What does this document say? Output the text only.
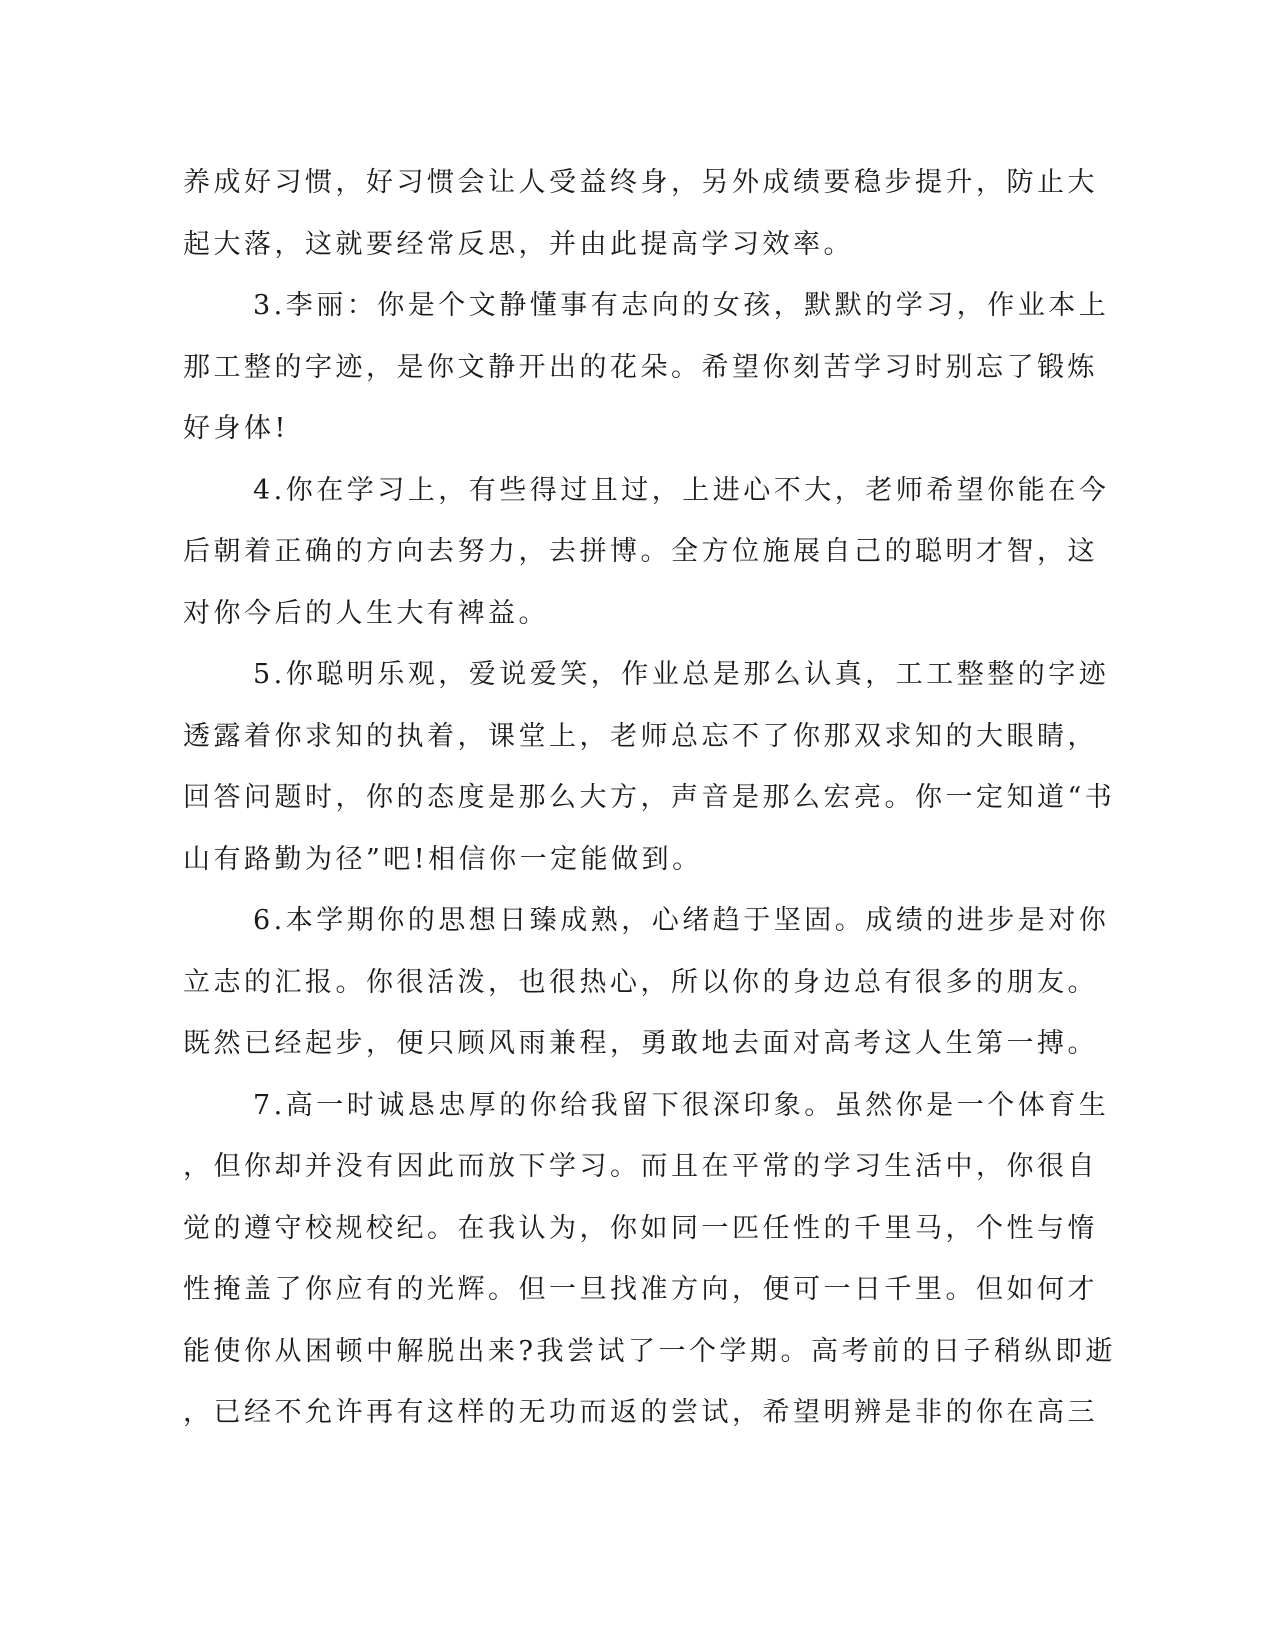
养成好习惯，好习惯会让人受益终身，另外成绩要稳步提升，防止大
起大落，这就要经常反思，并由此提高学习效率。
3.李丽：你是个文静懂事有志向的女孩，默默的学习，作业本上
那工整的字迹，是你文静开出的花朵。希望你刻苦学习时别忘了锻炼
好身体!
4.你在学习上，有些得过且过，上进心不大，老师希望你能在今
后朝着正确的方向去努力，去拼博。全方位施展自己的聪明才智，这
对你今后的人生大有裨益。
5.你聪明乐观，爱说爱笑，作业总是那么认真，工工整整的字迹
透露着你求知的执着，课堂上，老师总忘不了你那双求知的大眼睛，
回答问题时，你的态度是那么大方，声音是那么宏亮。你一定知道“书
山有路勤为径”吧!相信你一定能做到。
6.本学期你的思想日臻成熟，心绪趋于坚固。成绩的进步是对你
立志的汇报。你很活泼，也很热心，所以你的身边总有很多的朋友。
既然已经起步，便只顾风雨兼程，勇敢地去面对高考这人生第一搏。
7.高一时诚恳忠厚的你给我留下很深印象。虽然你是一个体育生
，但你却并没有因此而放下学习。而且在平常的学习生活中，你很自
觉的遵守校规校纪。在我认为，你如同一匹任性的千里马，个性与惰
性掩盖了你应有的光辉。但一旦找准方向，便可一日千里。但如何才
能使你从困顿中解脱出来?我尝试了一个学期。高考前的日子稍纵即逝
，已经不允许再有这样的无功而返的尝试，希望明辨是非的你在高三
